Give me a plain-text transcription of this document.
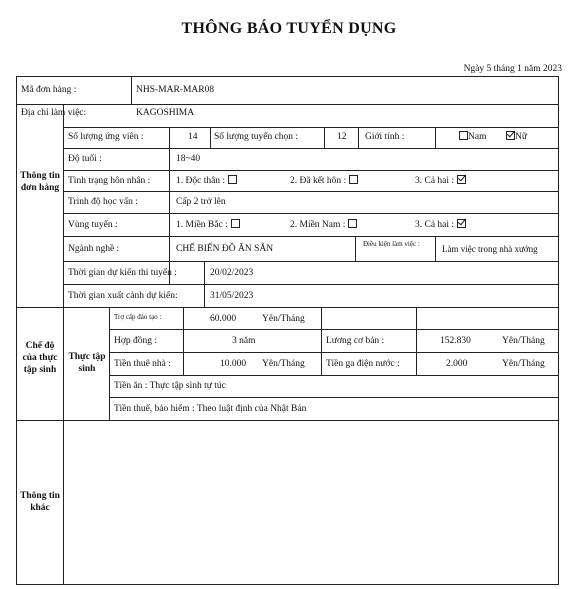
THÔNG BÁO TUYỂN DỤNG
Ngày 5 tháng 1 năm 2023
Mã đơn hàng :	NHS-MAR-MAR08
Địa chỉ làm việc:	KAGOSHIMA
Thông tin đơn hàng
Số lượng ứng viên :	14 Số lượng tuyển chọn :	12 Giới tính :	Nam	Nữ
Độ tuổi :	18~40
Tình trạng hôn nhân :	1. Độc thân :	2. Đã kết hôn :	3. Cả hai :
Trình độ học vấn :	Cấp 2 trở lên
Vùng tuyển :	1. Miền Bắc :	2. Miền Nam :	3. Cả hai :
Ngành nghề :	CHẾ BIẾN ĐỒ ĂN SẴN	Điều kiện làm việc : Làm việc trong nhà xưởng
Thời gian dự kiến thi tuyển :	20/02/2023
Thời gian xuất cảnh dự kiến:	31/05/2023
Chế độ của thực tập sinh
Thực tập sinh
Trợ cấp đào tạo :	60.000	Yên/Tháng
Hợp đồng :	3 năm	Lương cơ bản :	152.830	Yên/Tháng
Tiền thuê nhà :	10.000 Yên/Tháng Tiền ga điện nước :	2.000	Yên/Tháng
Tiền ăn : Thực tập sinh tự túc
Tiền thuế, bảo hiểm : Theo luật định của Nhật Bản
Thông tin khác
